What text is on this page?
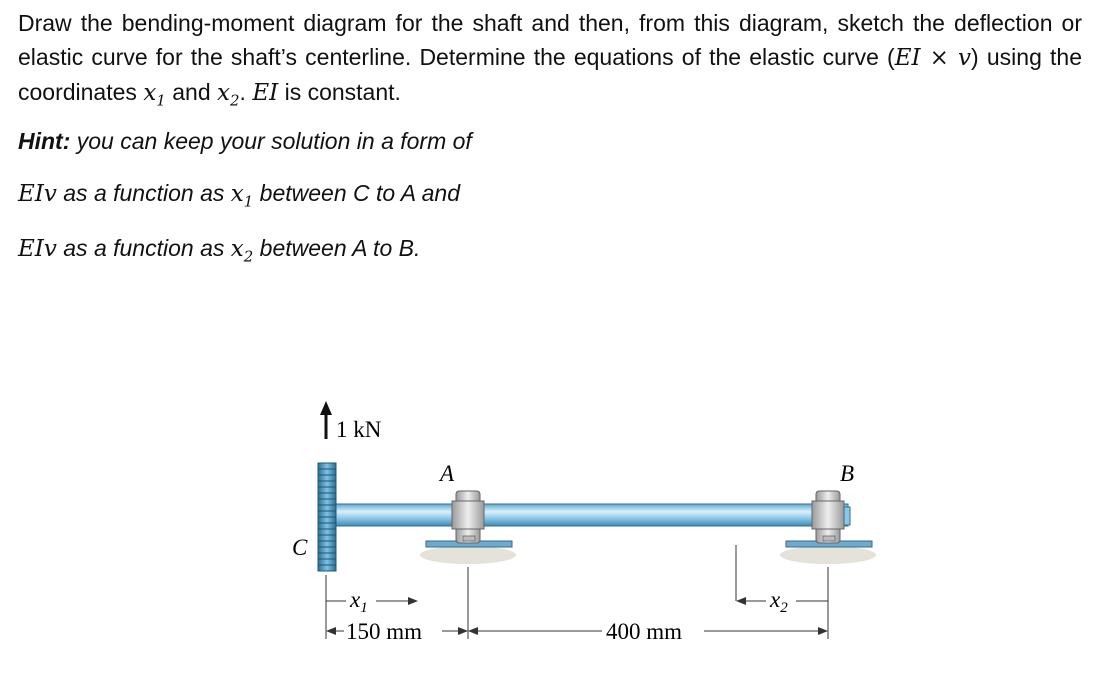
Draw the bending-moment diagram for the shaft and then, from this diagram, sketch the deflection or elastic curve for the shaft’s centerline. Determine the equations of the elastic curve (EI × v) using the coordinates $x_1$ and $x_2$. EI is constant.
Hint: you can keep your solution in a form of
EIv as a function as $x_1$ between C to A and
EIv as a function as $x_2$ between A to B.
1 kN
C
A	B
$x_1$	$x_2$
150 mm	400 mm
